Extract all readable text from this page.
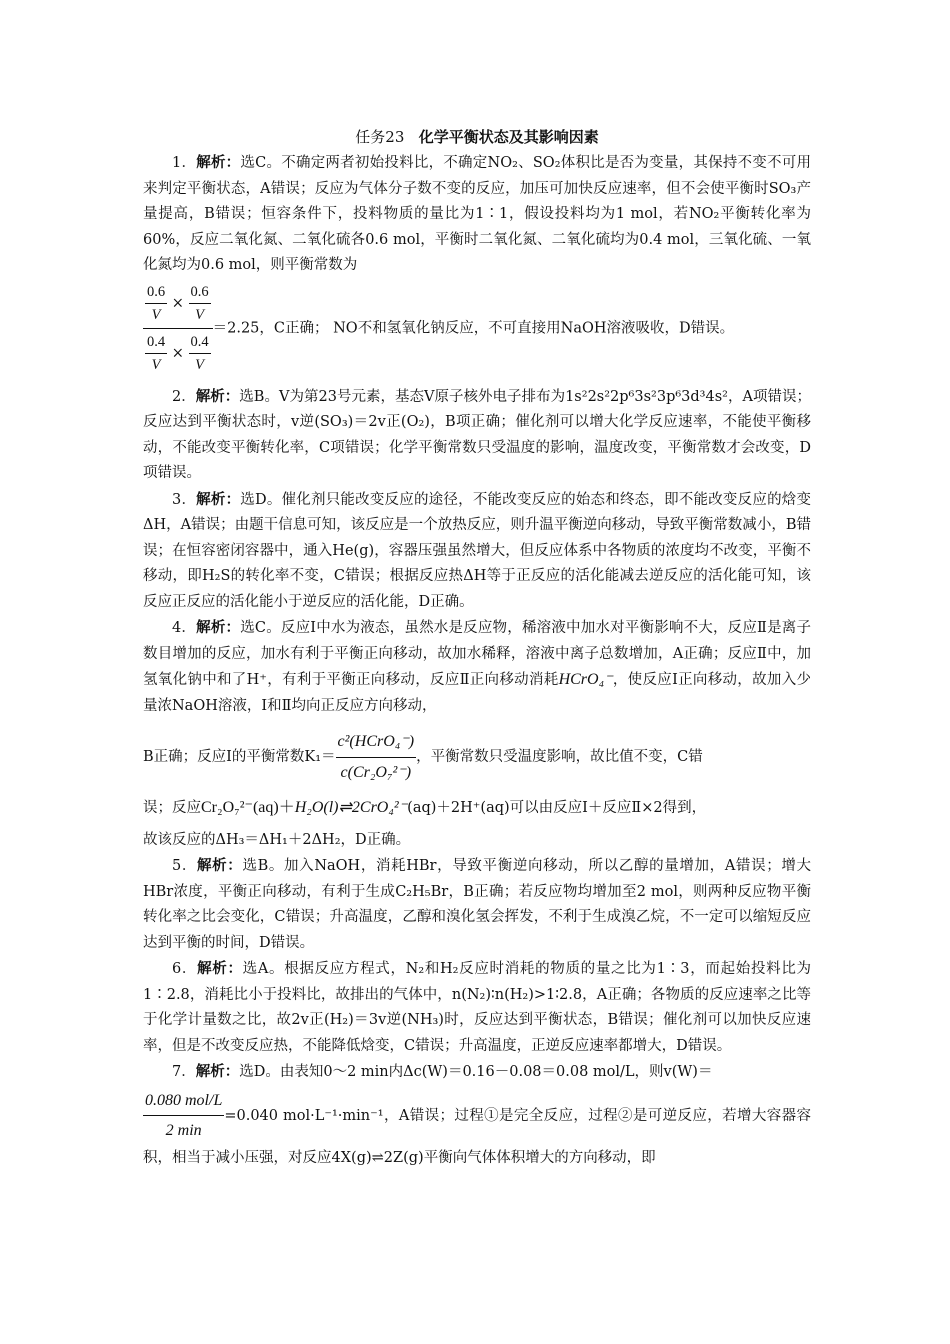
任务23 化学平衡状态及其影响因素

1．解析：选C。不确定两者初始投料比，不确定NO₂、SO₂体积比是否为变量，其保持不变不可用来判定平衡状态，A错误；反应为气体分子数不变的反应，加压可加快反应速率，但不会使平衡时SO₃产量提高，B错误；恒容条件下，投料物质的量比为1∶1，假设投料均为1 mol，若NO₂平衡转化率为60%，反应二氧化氮、二氧化硫各0.6 mol，平衡时二氧化氮、二氧化硫均为0.4 mol，三氧化硫、一氧化氮均为0.6 mol，则平衡常数为

$\frac{\frac{0.6}{V} \times \frac{0.6}{V}}{\frac{0.4}{V} \times \frac{0.4}{V}} =2.25$，C正确； NO不和氢氧化钠反应，不可直接用NaOH溶液吸收，D错误。

2．解析：选B。V为第23号元素，基态V原子核外电子排布为1s²2s²2p⁶3s²3p⁶3d³4s²，A项错误；反应达到平衡状态时，v逆(SO₃)＝2v正(O₂)，B项正确；催化剂可以增大化学反应速率，不能使平衡移动，不能改变平衡转化率，C项错误；化学平衡常数只受温度的影响，温度改变，平衡常数才会改变，D项错误。

3．解析：选D。催化剂只能改变反应的途径，不能改变反应的始态和终态，即不能改变反应的焓变ΔH，A错误；由题干信息可知，该反应是一个放热反应，则升温平衡逆向移动，导致平衡常数减小，B错误；在恒容密闭容器中，通入He(g)，容器压强虽然增大，但反应体系中各物质的浓度均不改变，平衡不移动，即H₂S的转化率不变，C错误；根据反应热ΔH等于正反应的活化能减去逆反应的活化能可知，该反应正反应的活化能小于逆反应的活化能，D正确。

4．解析：选C。反应Ⅰ中水为液态，虽然水是反应物，稀溶液中加水对平衡影响不大，反应Ⅱ是离子数目增加的反应，加水有利于平衡正向移动，故加水稀释，溶液中离子总数增加，A正确；反应Ⅱ中，加氢氧化钠中和了H⁺，有利于平衡正向移动，反应Ⅱ正向移动消耗HCrO₄⁻，使反应Ⅰ正向移动，故加入少量浓NaOH溶液，Ⅰ和Ⅱ均向正反应方向移动，

B正确；反应Ⅰ的平衡常数K₁＝
c²(HCrO₄⁻)
c(Cr₂O₇²⁻)
，平衡常数只受温度影响，故比值不变，C错

误；反应Cr₂O₇²⁻(aq)＋H₂O(l)⇌2CrO₄²⁻(aq)＋2H⁺(aq)可以由反应Ⅰ＋反应Ⅱ×2得到，

故该反应的ΔH₃＝ΔH₁＋2ΔH₂，D正确。

5．解析：选B。加入NaOH，消耗HBr，导致平衡逆向移动，所以乙醇的量增加，A错误；增大HBr浓度，平衡正向移动，有利于生成C₂H₅Br，B正确；若反应物均增加至2 mol，则两种反应物平衡转化率之比会变化，C错误；升高温度，乙醇和溴化氢会挥发，不利于生成溴乙烷，不一定可以缩短反应达到平衡的时间，D错误。

6．解析：选A。根据反应方程式，N₂和H₂反应时消耗的物质的量之比为1∶3，而起始投料比为1∶2.8，消耗比小于投料比，故排出的气体中，n(N₂)∶n(H₂)>1∶2.8，A正确；各物质的反应速率之比等于化学计量数之比，故2v正(H₂)＝3v逆(NH₃)时，反应达到平衡状态，B错误；催化剂可以加快反应速率，但是不改变反应热，不能降低焓变，C错误；升高温度，正逆反应速率都增大，D错误。

7．解析：选D。由表知0～2 min内Δc(W)＝0.16－0.08＝0.08 mol/L，则v(W)＝

0.080 mol/L
2 min
=0.040 mol·L⁻¹·min⁻¹，A错误；过程①是完全反应，过程②是可逆反应，若增大容器容积，相当于减小压强，对反应4X(g)⇌2Z(g)平衡向气体体积增大的方向移动，即
